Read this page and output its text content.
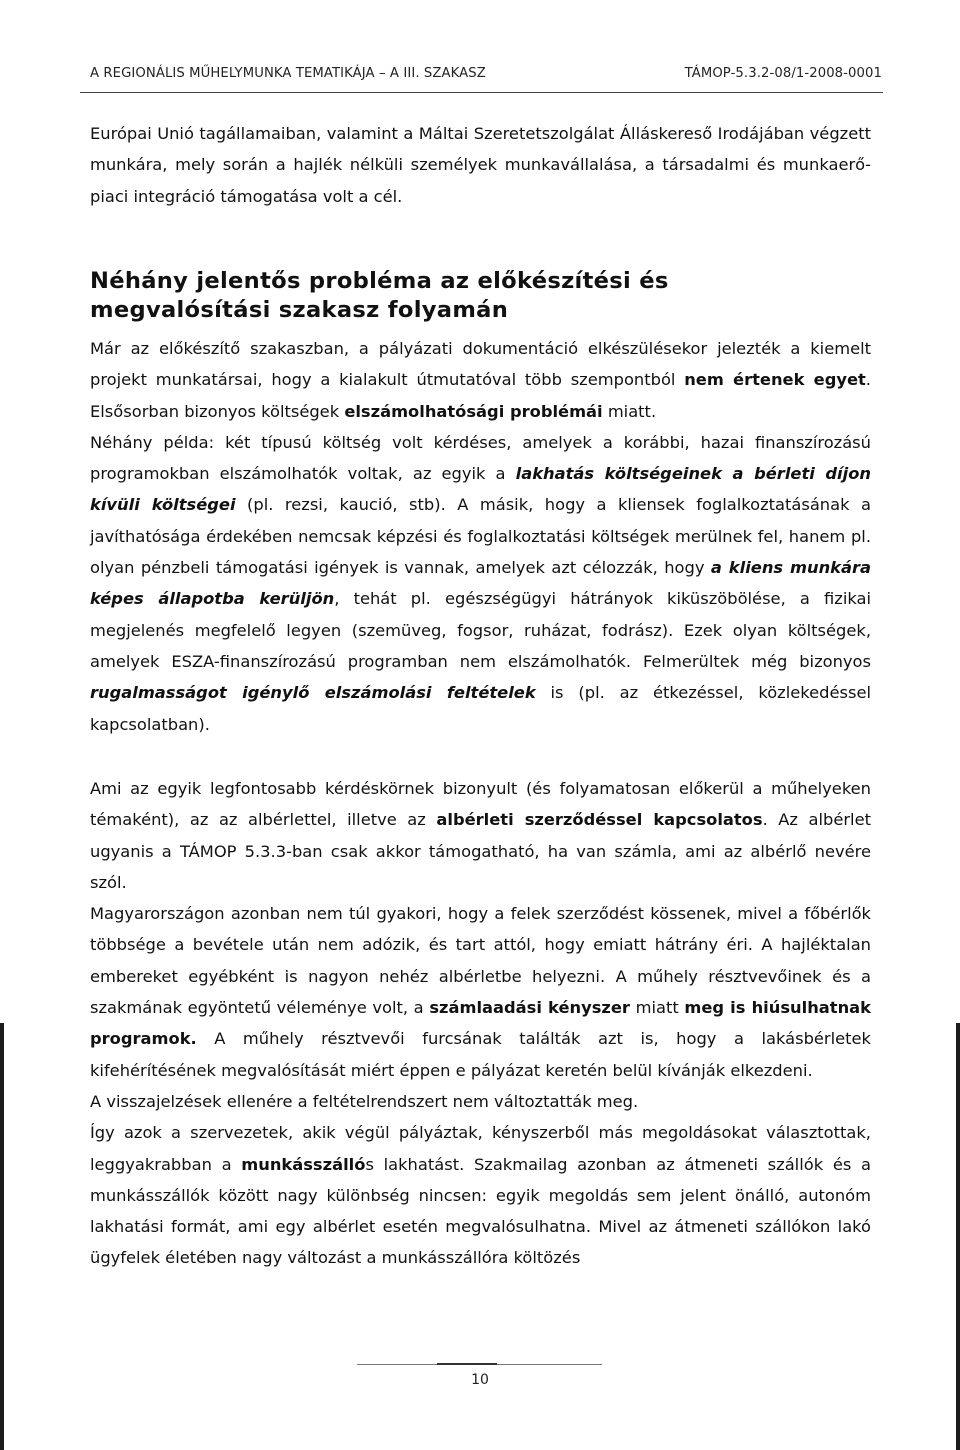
A REGIONÁLIS MŰHELYMUNKA TEMATIKÁJA – A III. SZAKASZ	TÁMOP-5.3.2-08/1-2008-0001

Európai Unió tagállamaiban, valamint a Máltai Szeretetszolgálat Álláskereső Irodájában végzett munkára, mely során a hajlék nélküli személyek munkavállalása, a társadalmi és munkaerő-piaci integráció támogatása volt a cél.

Néhány jelentős probléma az előkészítési és
megvalósítási szakasz folyamán

Már az előkészítő szakaszban, a pályázati dokumentáció elkészülésekor jelezték a kiemelt projekt munkatársai, hogy a kialakult útmutatóval több szempontból nem értenek egyet. Elsősorban bizonyos költségek elszámolhatósági problémái miatt.

Néhány példa: két típusú költség volt kérdéses, amelyek a korábbi, hazai finanszírozású programokban elszámolhatók voltak, az egyik a lakhatás költségeinek a bérleti díjon kívüli költségei (pl. rezsi, kaució, stb). A másik, hogy a kliensek foglalkoztatásának a javíthatósága érdekében nemcsak képzési és foglalkoztatási költségek merülnek fel, hanem pl. olyan pénzbeli támogatási igények is vannak, amelyek azt célozzák, hogy a kliens munkára képes állapotba kerüljön, tehát pl. egészségügyi hátrányok kiküszöbölése, a fizikai megjelenés megfelelő legyen (szemüveg, fogsor, ruházat, fodrász). Ezek olyan költségek, amelyek ESZA-finanszírozású programban nem elszámolhatók. Felmerültek még bizonyos rugalmasságot igénylő elszámolási feltételek is (pl. az étkezéssel, közlekedéssel kapcsolatban).

Ami az egyik legfontosabb kérdéskörnek bizonyult (és folyamatosan előkerül a műhelyeken témaként), az az albérlettel, illetve az albérleti szerződéssel kapcsolatos. Az albérlet ugyanis a TÁMOP 5.3.3-ban csak akkor támogatható, ha van számla, ami az albérlő nevére szól.

Magyarországon azonban nem túl gyakori, hogy a felek szerződést kössenek, mivel a főbérlők többsége a bevétele után nem adózik, és tart attól, hogy emiatt hátrány éri. A hajléktalan embereket egyébként is nagyon nehéz albérletbe helyezni. A műhely résztvevőinek és a szakmának egyöntetű véleménye volt, a számlaadási kényszer miatt meg is hiúsulhatnak programok. A műhely résztvevői furcsának találták azt is, hogy a lakásbérletek kifehérítésének megvalósítását miért éppen e pályázat keretén belül kívánják elkezdeni.

A visszajelzések ellenére a feltételrendszert nem változtatták meg.

Így azok a szervezetek, akik végül pályáztak, kényszerből más megoldásokat választottak, leggyakrabban a munkásszállós lakhatást. Szakmailag azonban az átmeneti szállók és a munkásszállók között nagy különbség nincsen: egyik megoldás sem jelent önálló, autonóm lakhatási formát, ami egy albérlet esetén megvalósulhatna. Mivel az átmeneti szállókon lakó ügyfelek életében nagy változást a munkásszállóra költözés

10
